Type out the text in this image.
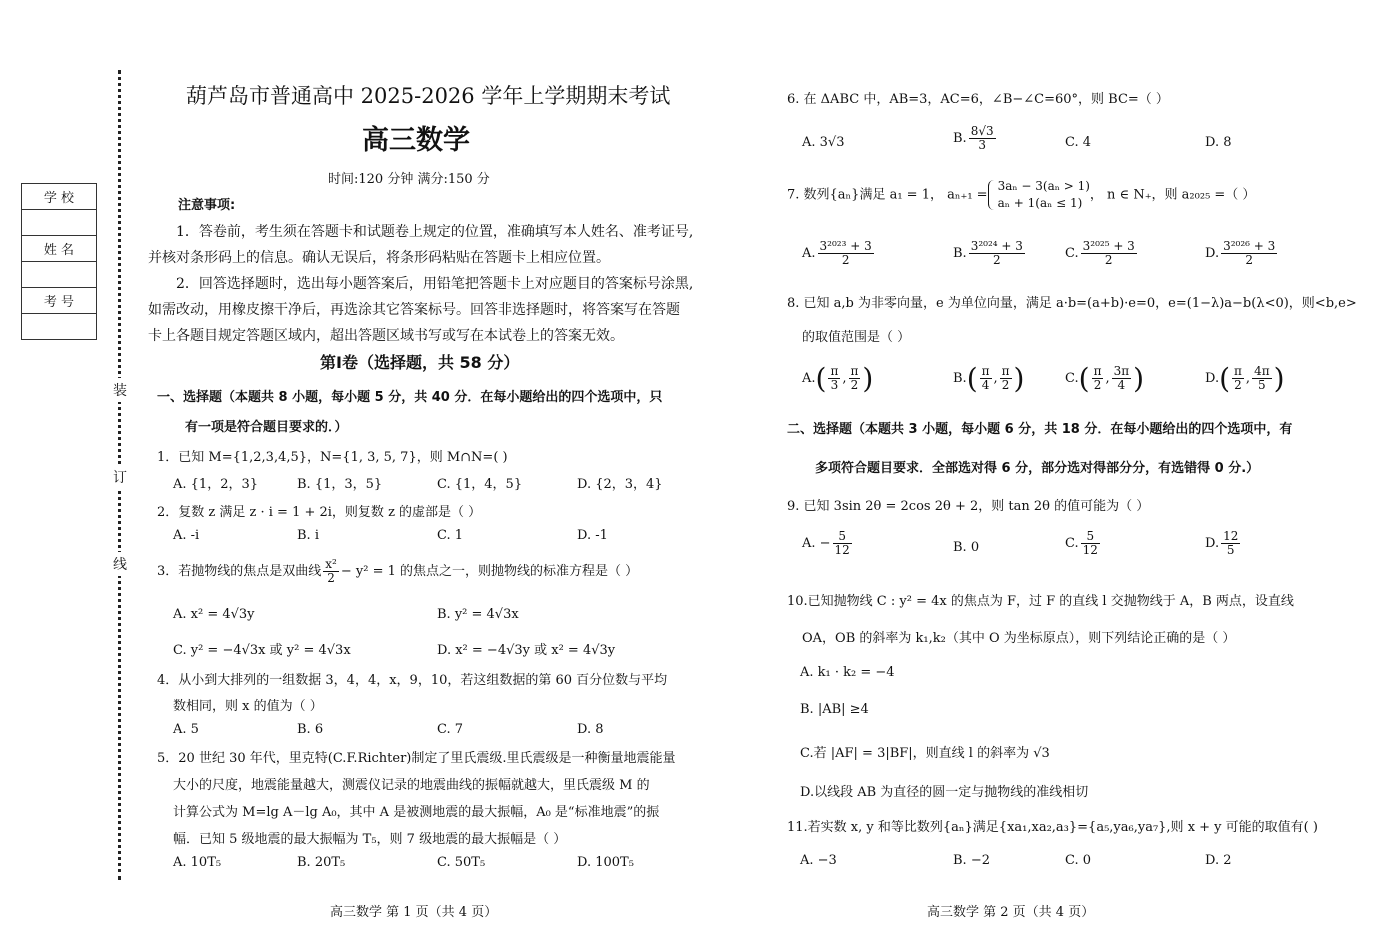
装
订
线
学 校

姓 名

考 号

葫芦岛市普通高中 2025-2026 学年上学期期末考试
高三数学
时间:120 分钟 满分:150 分
注意事项:
1．答卷前，考生须在答题卡和试题卷上规定的位置，准确填写本人姓名、准考证号,
并核对条形码上的信息。确认无误后，将条形码粘贴在答题卡上相应位置。
2．回答选择题时，选出每小题答案后，用铅笔把答题卡上对应题目的答案标号涂黑,
如需改动，用橡皮擦干净后，再选涂其它答案标号。回答非选择题时，将答案写在答题
卡上各题目规定答题区域内，超出答题区域书写或写在本试卷上的答案无效。
第Ⅰ卷（选择题，共 58 分）
一、选择题（本题共 8 小题，每小题 5 分，共 40 分．在每小题给出的四个选项中，只
有一项是符合题目要求的．）
1．已知 M={1,2,3,4,5}，N={1, 3, 5, 7}，则 M∩N=( )
A. {1，2，3}	B. {1，3，5}	C. {1，4，5}	D. {2，3，4}
2．复数 z 满足 z · i = 1 + 2i，则复数 z 的虚部是（ ）
A. -i	B. i	C. 1	D. -1
3．若抛物线的焦点是双曲线 $\frac{\text{x²}}{2} - y^2 = 1$ 的焦点之一，则抛物线的标准方程是（ ）
A. x² = 4√3y	B. y² = 4√3x
C. y² = −4√3x 或 y² = 4√3x	D. x² = −4√3y 或 x² = 4√3y
4．从小到大排列的一组数据 3，4，4，x，9，10，若这组数据的第 60 百分位数与平均
数相同，则 x 的值为（ ）
A. 5	B. 6	C. 7	D. 8
5．20 世纪 30 年代，里克特(C.F.Richter)制定了里氏震级.里氏震级是一种衡量地震能量
大小的尺度，地震能量越大，测震仪记录的地震曲线的振幅就越大，里氏震级 M 的
计算公式为 M=lg A－lg A₀，其中 A 是被测地震的最大振幅，A₀ 是“标准地震”的振
幅．已知 5 级地震的最大振幅为 T₅，则 7 级地震的最大振幅是（ ）
A. 10T₅	B. 20T₅	C. 50T₅	D. 100T₅
高三数学 第 1 页（共 4 页）
6. 在 ΔABC 中，AB=3，AC=6，∠B−∠C=60°，则 BC=（ ）
A. 3√3	B. $\frac{8√3}{3}$	C. 4	D. 8
7. 数列{aₙ}满足 a₁ = 1， aₙ₊₁ =
3aₙ − 3(aₙ > 1)
aₙ + 1(aₙ ≤ 1)
， n ∈ N₊，则 a₂₀₂₅ =（ ）
A. $\frac{\text{3²⁰²³ + 3}}{2}$	B. $\frac{\text{3²⁰²⁴ + 3}}{2}$	C. $\frac{\text{3²⁰²⁵ + 3}}{2}$	D. $\frac{\text{3²⁰²⁶ + 3}}{2}$
8. 已知 a,b 为非零向量，e 为单位向量，满足 a·b=(a+b)·e=0，e=(1−λ)a−b(λ<0)，则<b,e>
的取值范围是（ ）
$A.( \frac{\pi}{3}$ , $\frac{\pi}{2}$ )	$B.( \frac{\pi}{4}$ , $\frac{\pi}{2}$ )	$C.( \frac{\pi}{2}$ , $\frac{3\pi}{4}$ )	$D.( \frac{\pi}{2}$ , $\frac{4\pi}{5}$ )
二、选择题（本题共 3 小题，每小题 6 分，共 18 分．在每小题给出的四个选项中，有
多项符合题目要求．全部选对得 6 分，部分选对得部分分，有选错得 0 分.）
9. 已知 3sin 2θ = 2cos 2θ + 2，则 tan 2θ 的值可能为（ ）
A. − $\frac{5}{12}$	B. 0	C. $\frac{5}{12}$	D. $\frac{12}{5}$
10.已知抛物线 C : y² = 4x 的焦点为 F，过 F 的直线 l 交抛物线于 A，B 两点，设直线
OA，OB 的斜率为 k₁,k₂（其中 O 为坐标原点），则下列结论正确的是（ ）
A. k₁ · k₂ = −4
B. |AB| ≥4
C.若 |AF| = 3|BF|，则直线 l 的斜率为 √3
D.以线段 AB 为直径的圆一定与抛物线的准线相切
11.若实数 x, y 和等比数列{aₙ}满足{xa₁,xa₂,a₃}={a₅,ya₆,ya₇},则 x + y 可能的取值有( )
A. −3	B. −2	C. 0	D. 2
高三数学 第 2 页（共 4 页）
